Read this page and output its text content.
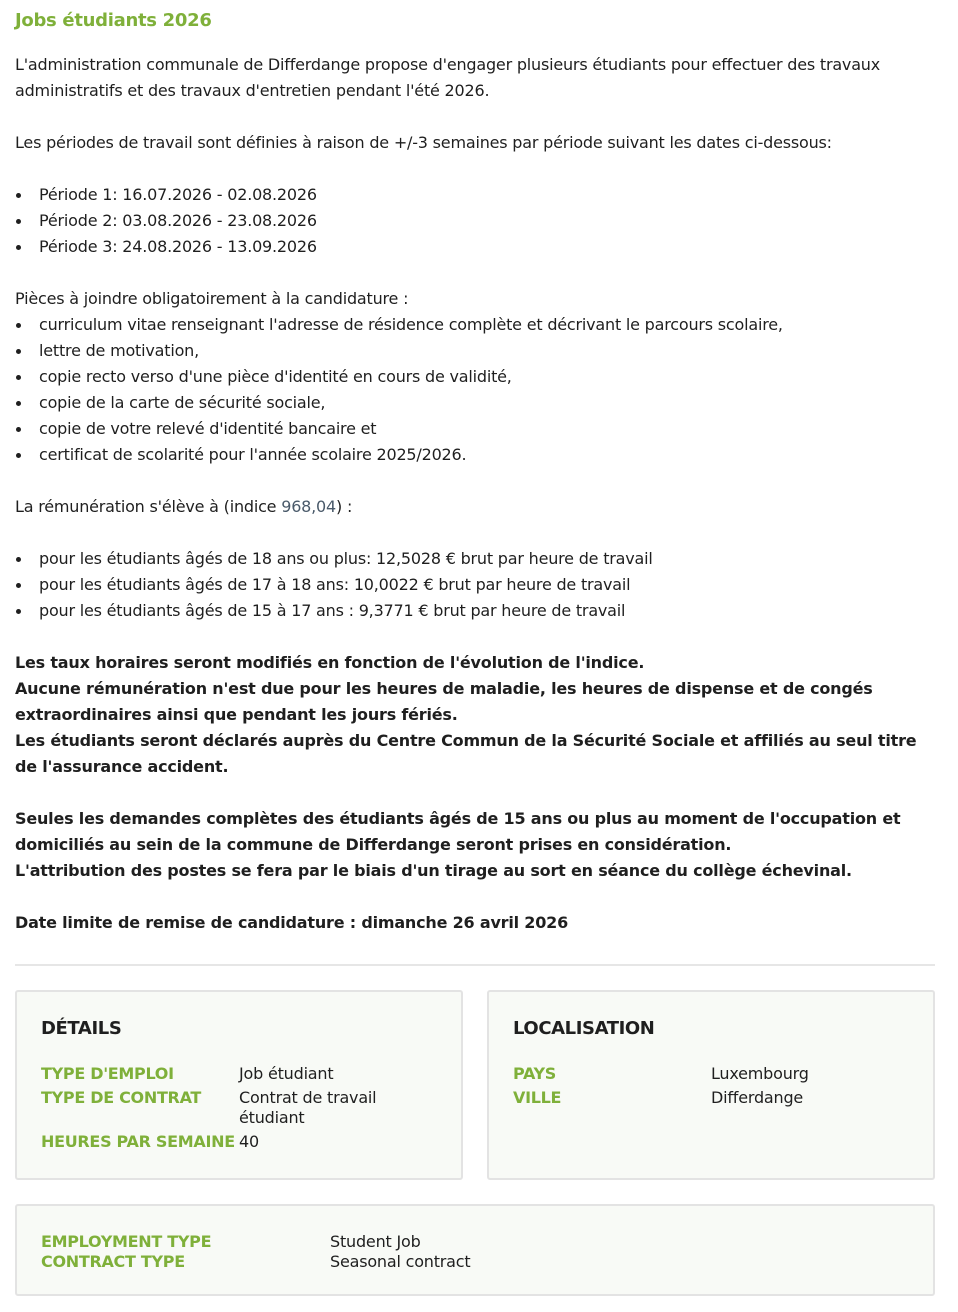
Jobs étudiants 2026

L'administration communale de Differdange propose d'engager plusieurs étudiants pour effectuer des travaux administratifs et des travaux d'entretien pendant l'été 2026.

Les périodes de travail sont définies à raison de +/-3 semaines par période suivant les dates ci-dessous:

Période 1: 16.07.2026 - 02.08.2026
Période 2: 03.08.2026 - 23.08.2026
Période 3: 24.08.2026 - 13.09.2026

Pièces à joindre obligatoirement à la candidature :

curriculum vitae renseignant l'adresse de résidence complète et décrivant le parcours scolaire,
lettre de motivation,
copie recto verso d'une pièce d'identité en cours de validité,
copie de la carte de sécurité sociale,
copie de votre relevé d'identité bancaire et
certificat de scolarité pour l'année scolaire 2025/2026.

La rémunération s'élève à (indice 968,04) :

pour les étudiants âgés de 18 ans ou plus: 12,5028 € brut par heure de travail
pour les étudiants âgés de 17 à 18 ans: 10,0022 € brut par heure de travail
pour les étudiants âgés de 15 à 17 ans : 9,3771 € brut par heure de travail

Les taux horaires seront modifiés en fonction de l'évolution de l'indice.
Aucune rémunération n'est due pour les heures de maladie, les heures de dispense et de congés extraordinaires ainsi que pendant les jours fériés.
Les étudiants seront déclarés auprès du Centre Commun de la Sécurité Sociale et affiliés au seul titre de l'assurance accident.

Seules les demandes complètes des étudiants âgés de 15 ans ou plus au moment de l'occupation et domiciliés au sein de la commune de Differdange seront prises en considération.
L'attribution des postes se fera par le biais d'un tirage au sort en séance du collège échevinal.

Date limite de remise de candidature : dimanche 26 avril 2026

DÉTAILS
TYPE D'EMPLOI	Job étudiant
TYPE DE CONTRAT Contrat de travail
étudiant
HEURES PAR SEMAINE 40
LOCALISATION
PAYS	Luxembourg
VILLE	Differdange
EMPLOYMENT TYPE	Student Job
CONTRACT TYPE	Seasonal contract
